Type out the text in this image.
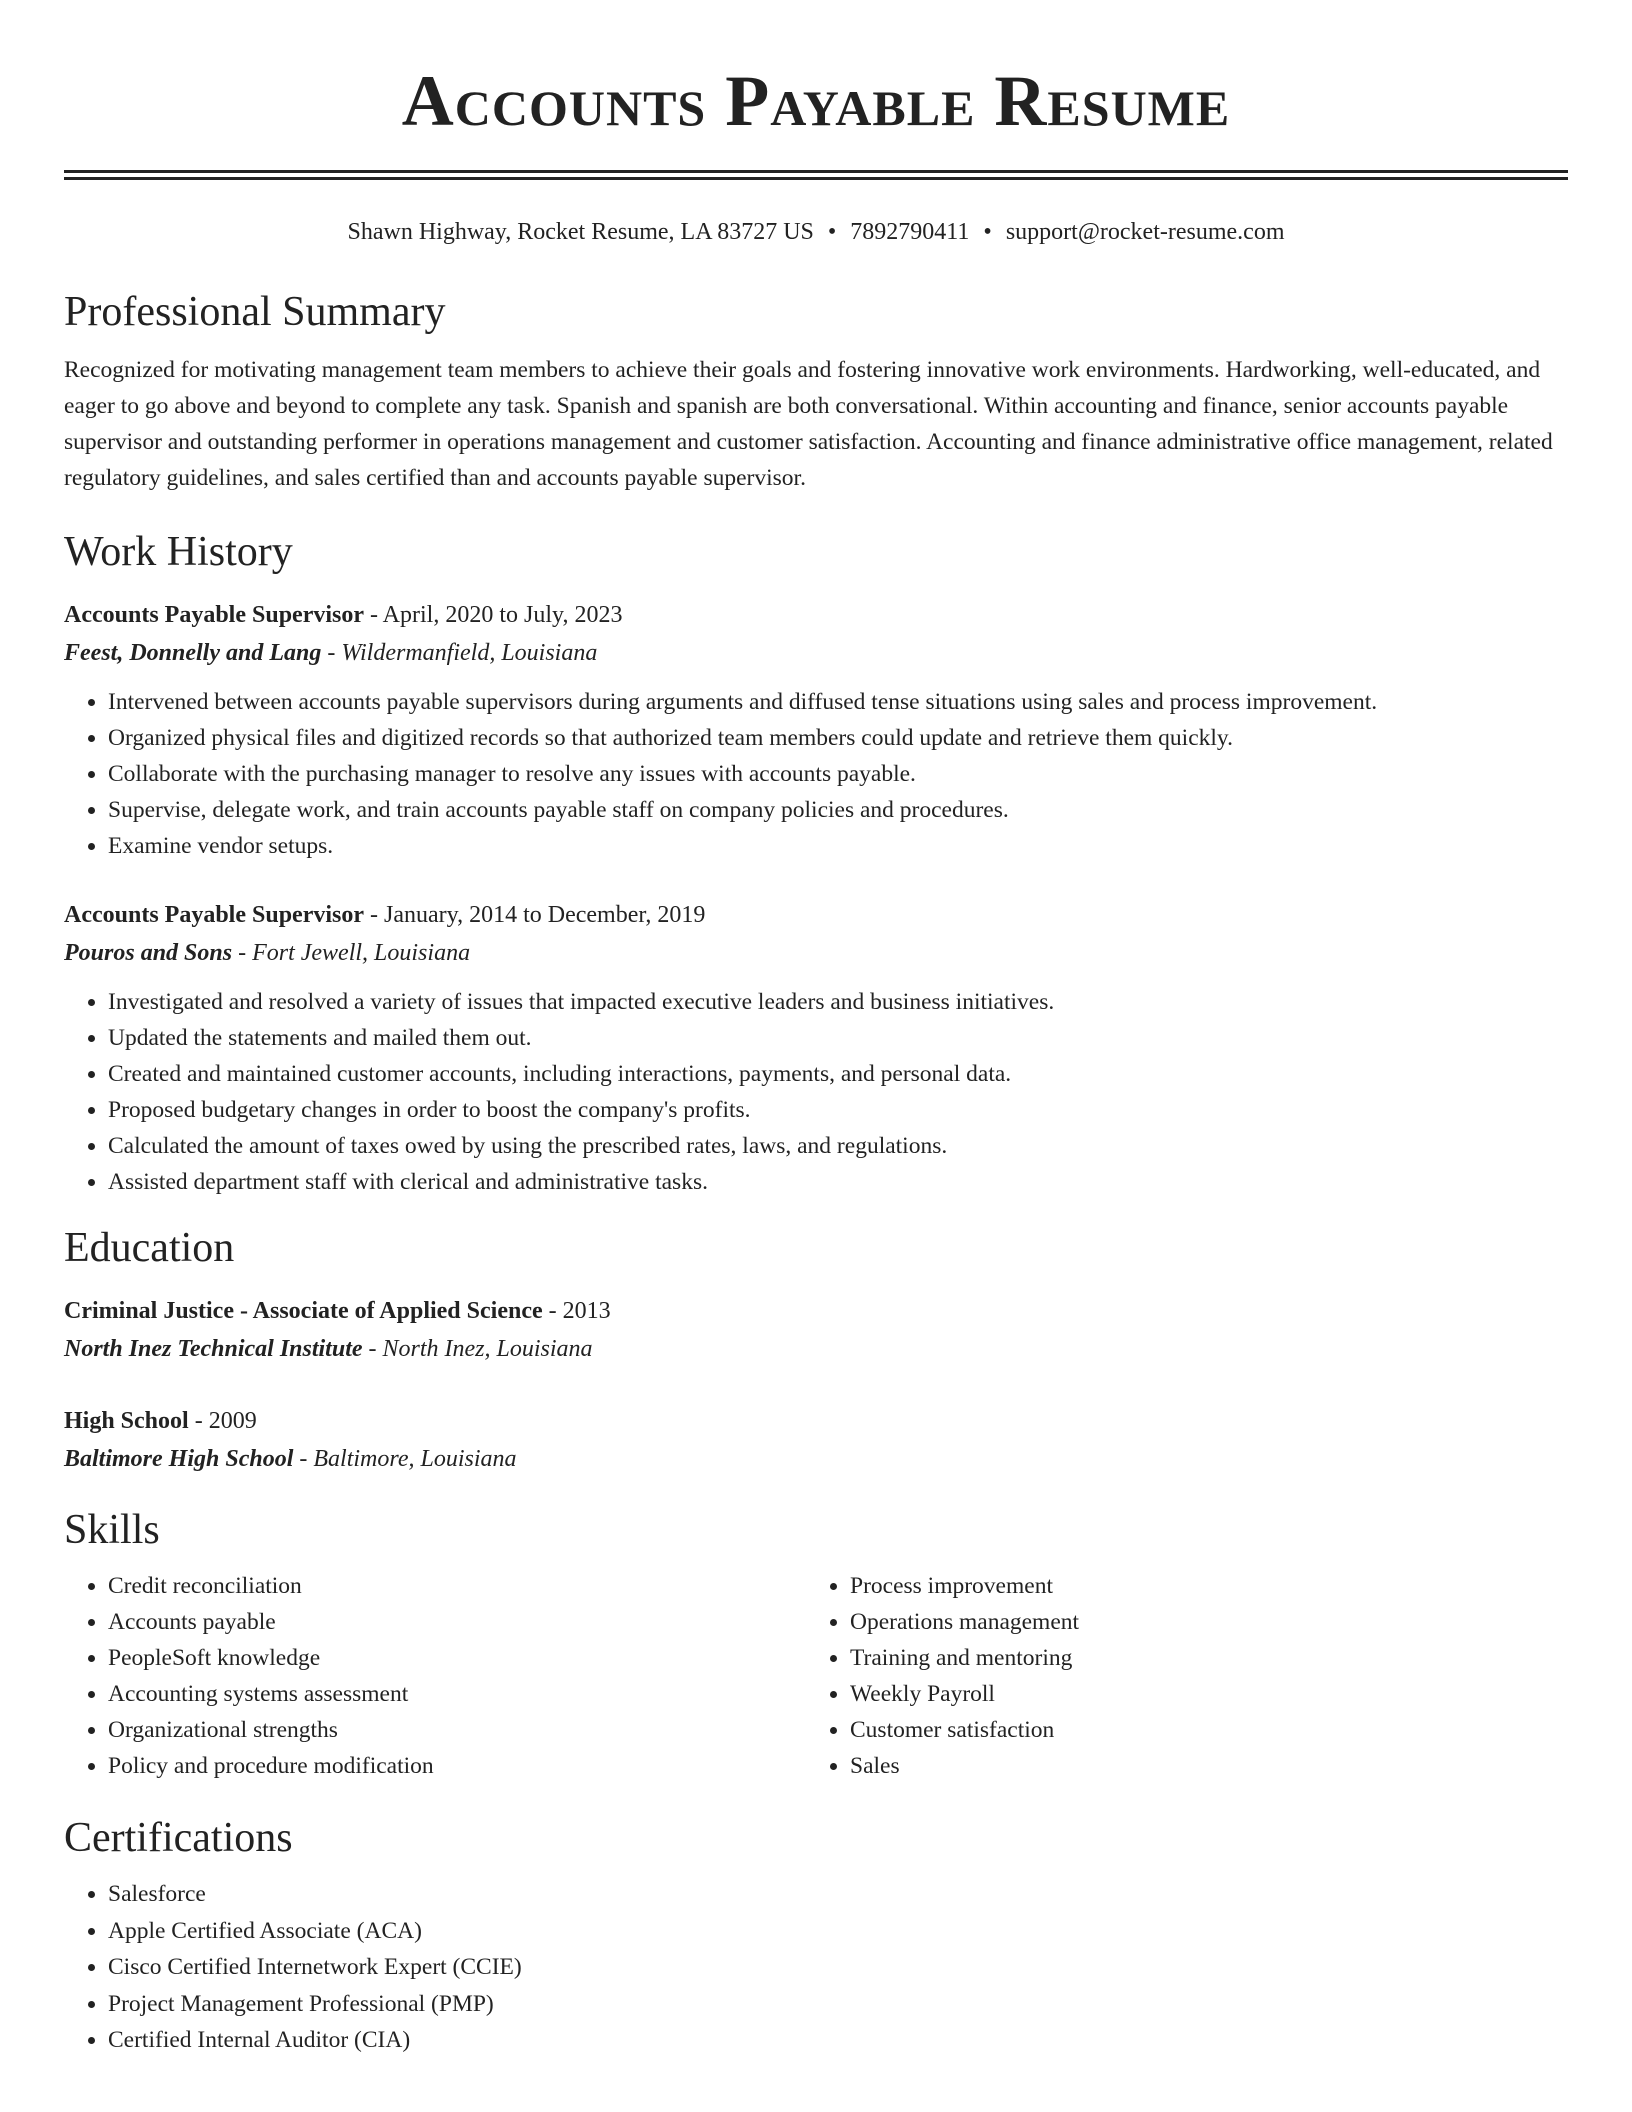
Accounts Payable Resume
Shawn Highway, Rocket Resume, LA 83727 US • 7892790411 • support@rocket-resume.com
Professional Summary

Recognized for motivating management team members to achieve their goals and fostering innovative work environments. Hardworking, well-educated, and eager to go above and beyond to complete any task. Spanish and spanish are both conversational. Within accounting and finance, senior accounts payable supervisor and outstanding performer in operations management and customer satisfaction. Accounting and finance administrative office management, related regulatory guidelines, and sales certified than and accounts payable supervisor.

Work History
Accounts Payable Supervisor - April, 2020 to July, 2023
Feest, Donnelly and Lang - Wildermanfield, Louisiana
• Intervened between accounts payable supervisors during arguments and diffused tense situations using sales and process improvement.
• Organized physical files and digitized records so that authorized team members could update and retrieve them quickly.
• Collaborate with the purchasing manager to resolve any issues with accounts payable.
• Supervise, delegate work, and train accounts payable staff on company policies and procedures.
• Examine vendor setups.
Accounts Payable Supervisor - January, 2014 to December, 2019
Pouros and Sons - Fort Jewell, Louisiana
• Investigated and resolved a variety of issues that impacted executive leaders and business initiatives.
• Updated the statements and mailed them out.
• Created and maintained customer accounts, including interactions, payments, and personal data.
• Proposed budgetary changes in order to boost the company's profits.
• Calculated the amount of taxes owed by using the prescribed rates, laws, and regulations.
• Assisted department staff with clerical and administrative tasks.
Education
Criminal Justice - Associate of Applied Science - 2013
North Inez Technical Institute - North Inez, Louisiana
High School - 2009
Baltimore High School - Baltimore, Louisiana
Skills
• Credit reconciliation
• Accounts payable
• PeopleSoft knowledge
• Accounting systems assessment
• Organizational strengths
• Policy and procedure modification
• Process improvement
• Operations management
• Training and mentoring
• Weekly Payroll
• Customer satisfaction
• Sales
Certifications
• Salesforce
• Apple Certified Associate (ACA)
• Cisco Certified Internetwork Expert (CCIE)
• Project Management Professional (PMP)
• Certified Internal Auditor (CIA)
